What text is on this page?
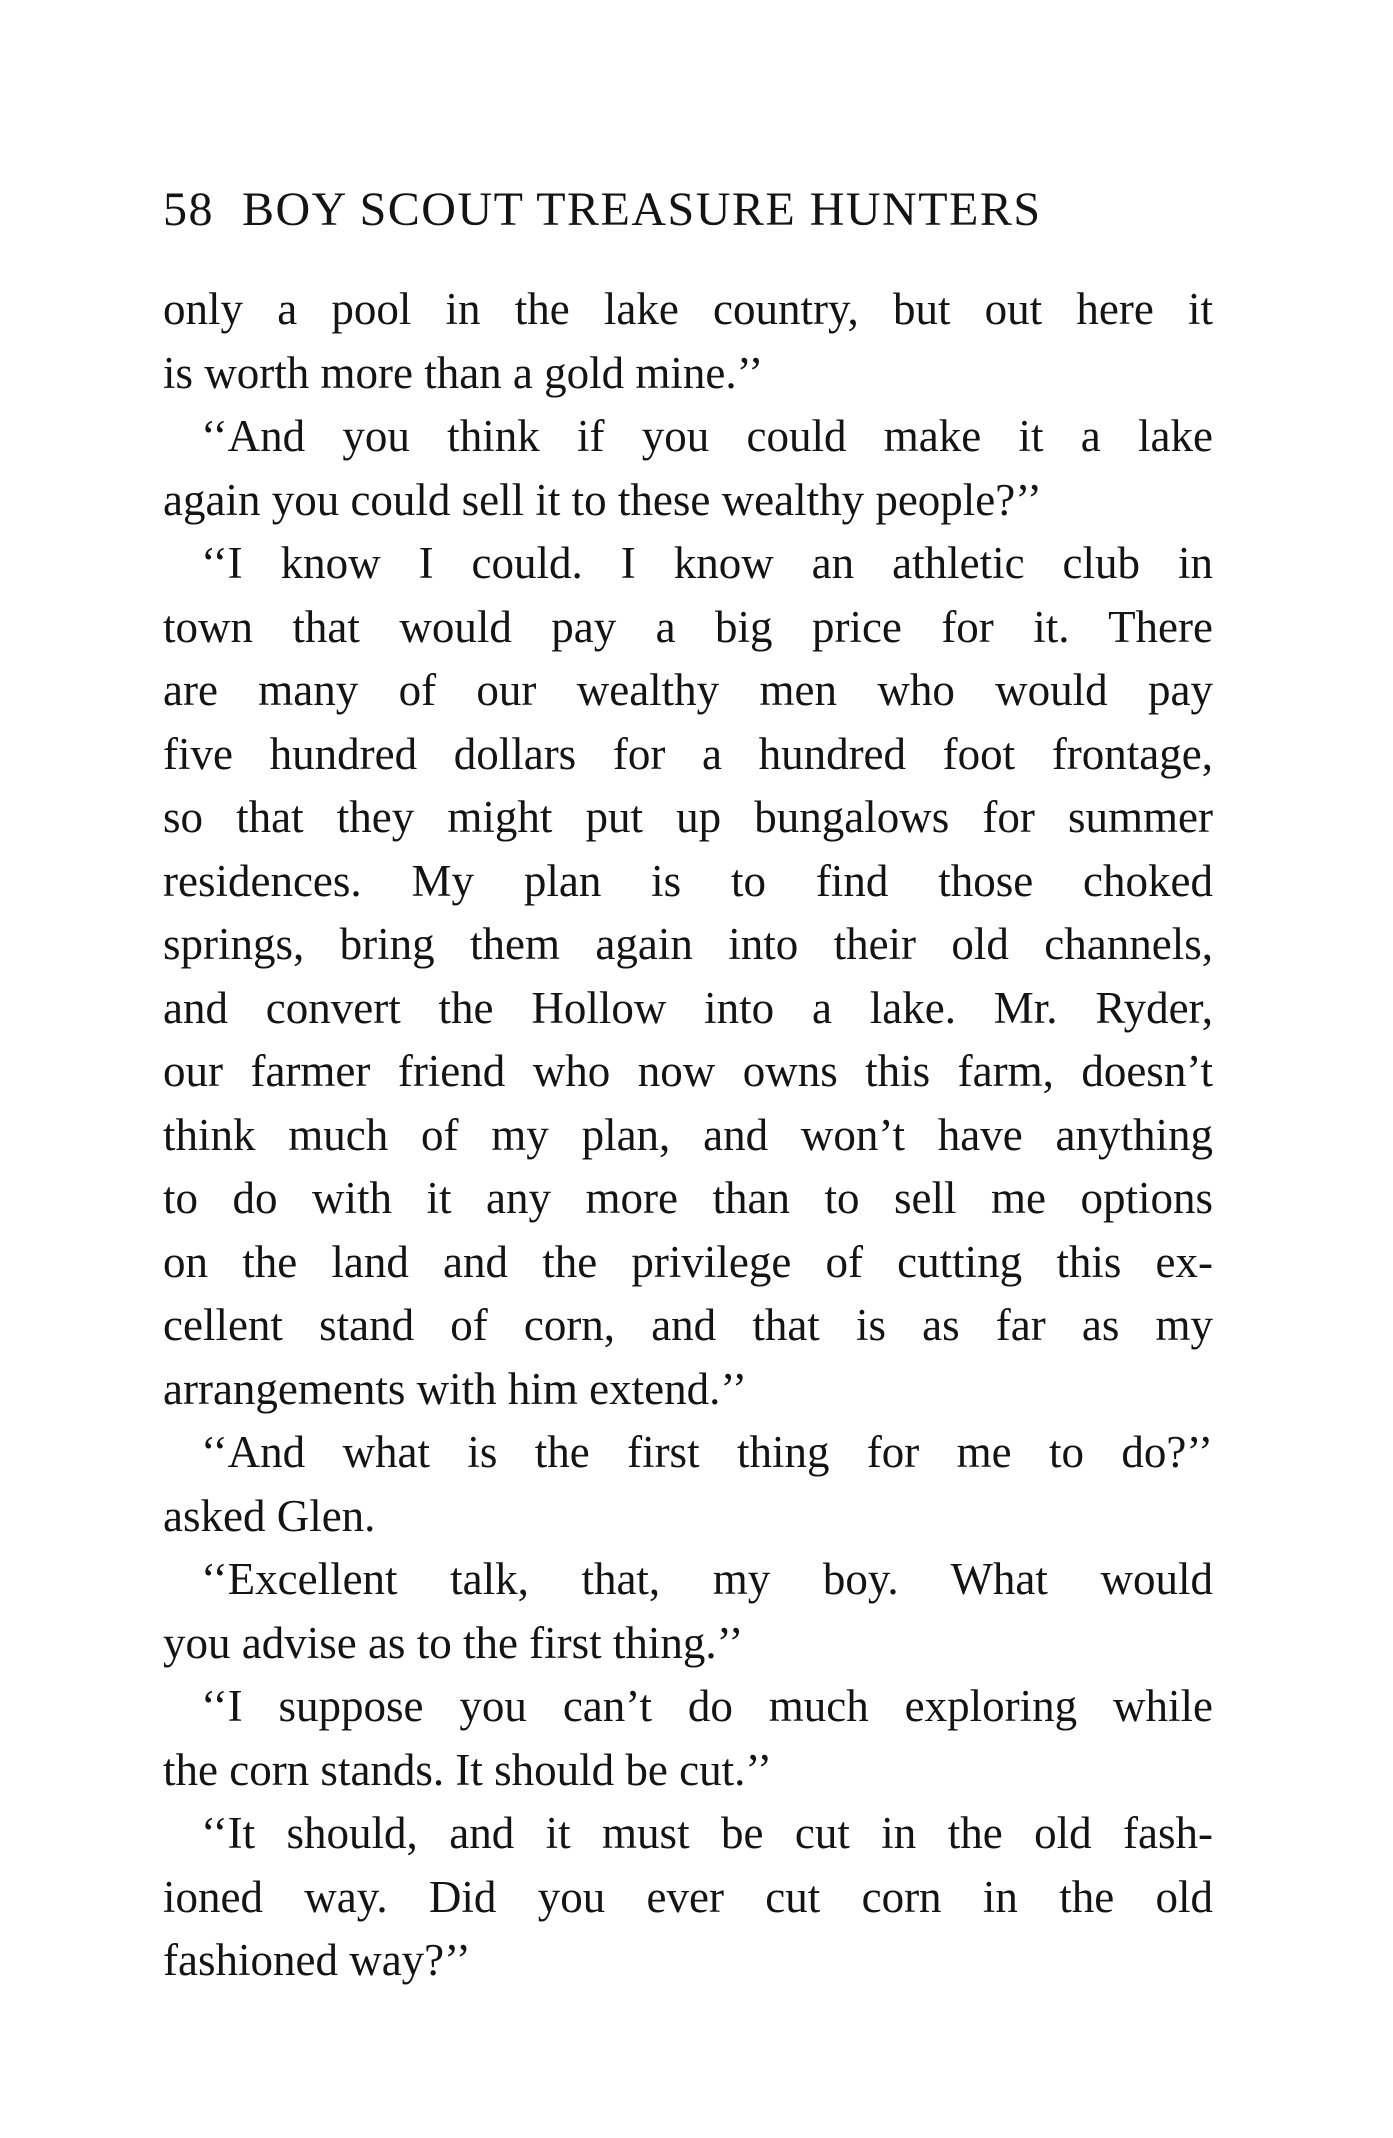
58 BOY SCOUT TREASURE HUNTERS
only a pool in the lake country, but out here it
is worth more than a gold mine.’’
‘‘And you think if you could make it a lake
again you could sell it to these wealthy people?’’
‘‘I know I could. I know an athletic club in
town that would pay a big price for it. There
are many of our wealthy men who would pay
five hundred dollars for a hundred foot frontage,
so that they might put up bungalows for summer
residences. My plan is to find those choked
springs, bring them again into their old channels,
and convert the Hollow into a lake. Mr. Ryder,
our farmer friend who now owns this farm, doesn’t
think much of my plan, and won’t have anything
to do with it any more than to sell me options
on the land and the privilege of cutting this ex-
cellent stand of corn, and that is as far as my
arrangements with him extend.’’
‘‘And what is the first thing for me to do?’’
asked Glen.
‘‘Excellent talk, that, my boy. What would
you advise as to the first thing.’’
‘‘I suppose you can’t do much exploring while
the corn stands. It should be cut.’’
‘‘It should, and it must be cut in the old fash-
ioned way. Did you ever cut corn in the old
fashioned way?’’
